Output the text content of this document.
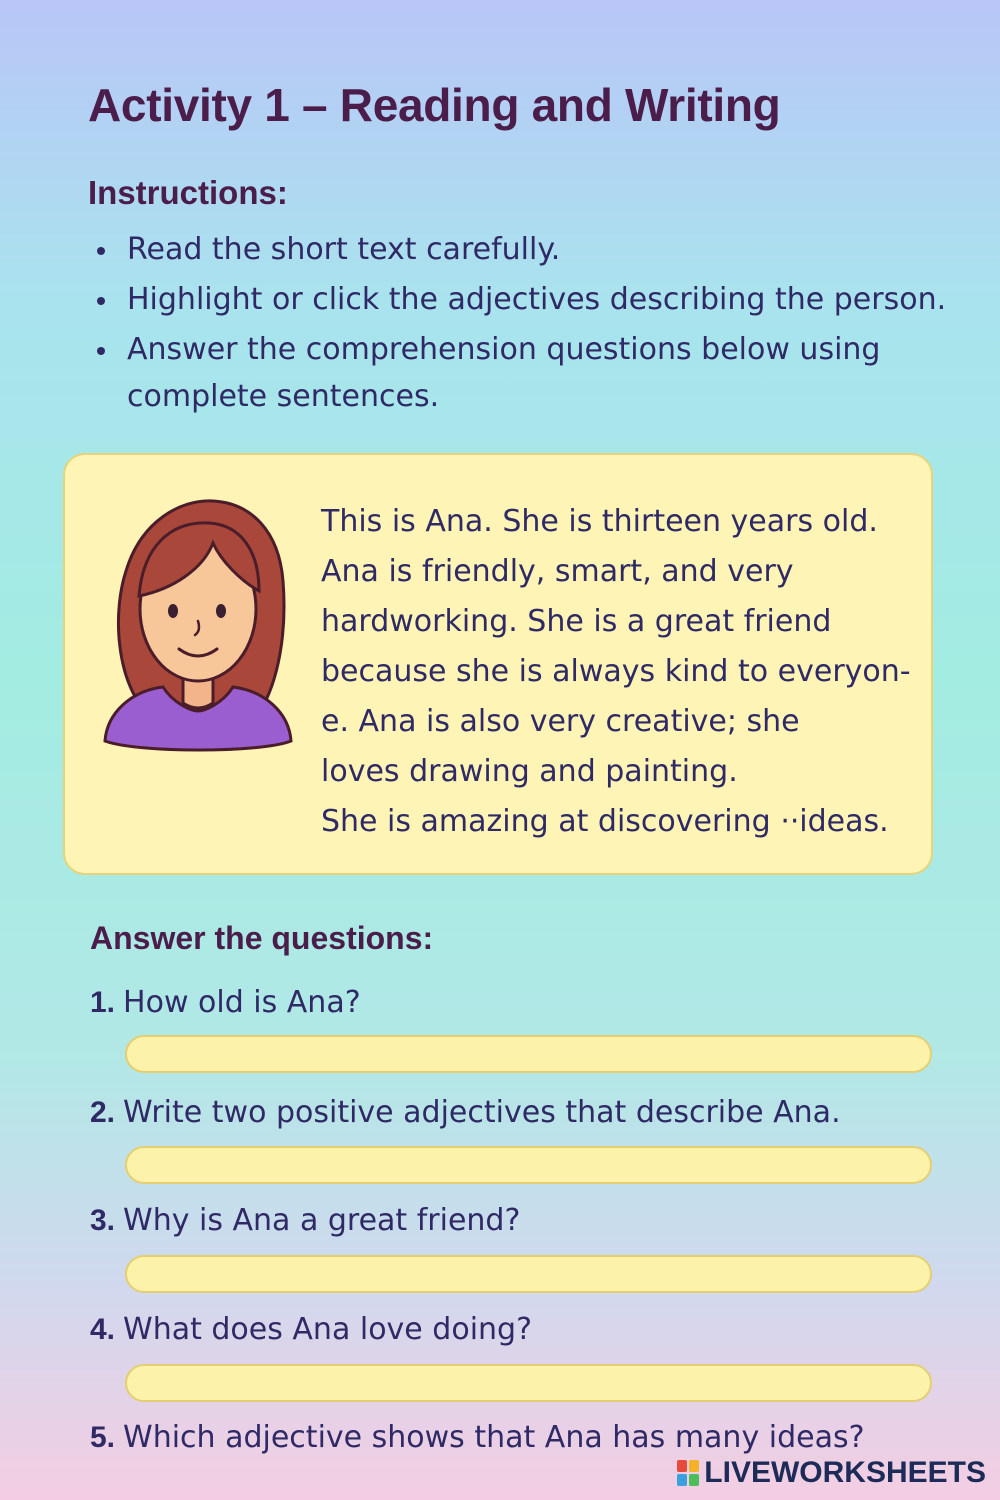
Activity 1 – Reading and Writing
Instructions:
Read the short text carefully.
Highlight or click the adjectives describing the person.
Answer the comprehension questions below using complete sentences.
This is Ana. She is thirteen years old.
Ana is friendly, smart, and very
hardworking. She is a great friend
because she is always kind to everyon-
e. Ana is also very creative; she
loves drawing and painting.
She is amazing at discovering ⋅⋅ideas.
Answer the questions:
1. How old is Ana?
2. Write two positive adjectives that describe Ana.
3. Why is Ana a great friend?
4. What does Ana love doing?
5. Which adjective shows that Ana has many ideas?
LIVEWORKSHEETS
